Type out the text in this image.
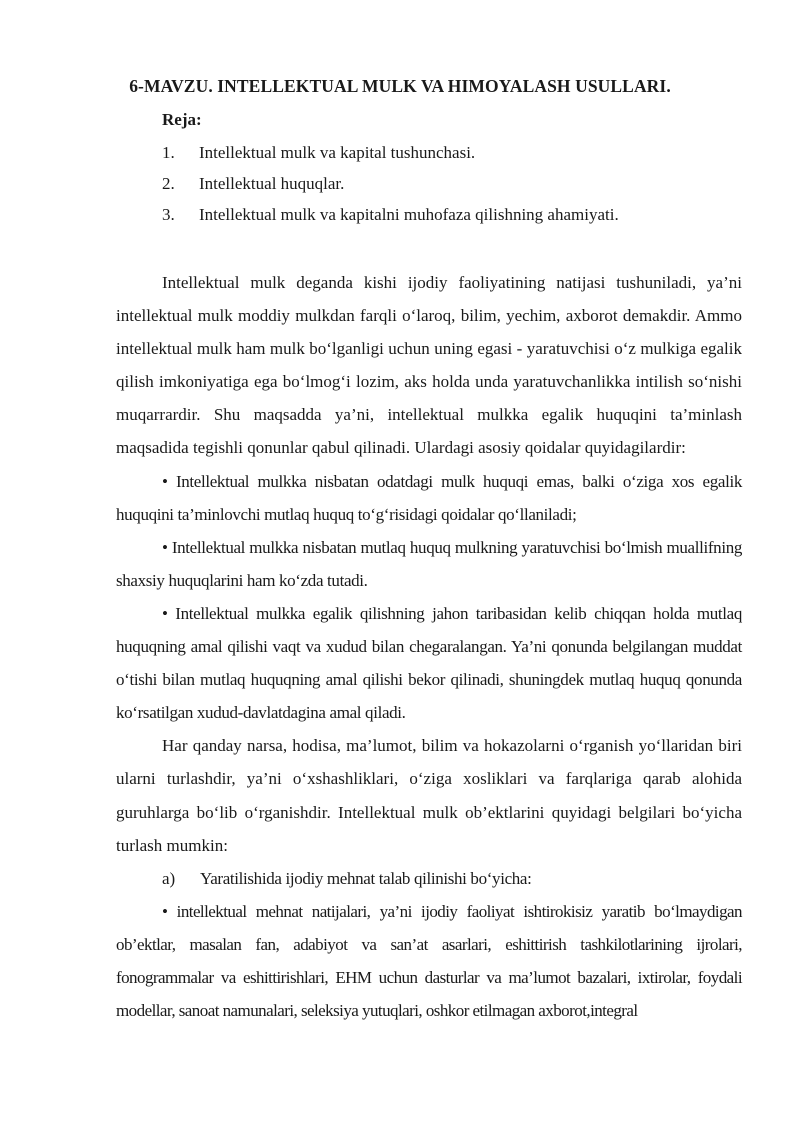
6-MAVZU. INTELLEKTUAL MULK VA HIMOYALASH USULLARI.

Reja:

1. Intellektual mulk va kapital tushunchasi.
2. Intellektual huquqlar.
3. Intellektual mulk va kapitalni muhofaza qilishning ahamiyati.

Intellektual mulk deganda kishi ijodiy faoliyatining natijasi tushuniladi, ya’ni intellektual mulk moddiy mulkdan farqli o‘laroq, bilim, yechim, axborot demakdir. Ammo intellektual mulk ham mulk bo‘lganligi uchun uning egasi - yaratuvchisi o‘z mulkiga egalik qilish imkoniyatiga ega bo‘lmog‘i lozim, aks holda unda yaratuvchanlikka intilish so‘nishi muqarrardir. Shu maqsadda ya’ni, intellektual mulkka egalik huquqini ta’minlash maqsadida tegishli qonunlar qabul qilinadi. Ulardagi asosiy qoidalar quyidagilardir:

• Intellektual mulkka nisbatan odatdagi mulk huquqi emas, balki o‘ziga xos egalik huquqini ta’minlovchi mutlaq huquq to‘g‘risidagi qoidalar qo‘llaniladi;

• Intellektual mulkka nisbatan mutlaq huquq mulkning yaratuvchisi bo‘lmish muallifning shaxsiy huquqlarini ham ko‘zda tutadi.

• Intellektual mulkka egalik qilishning jahon taribasidan kelib chiqqan holda mutlaq huquqning amal qilishi vaqt va xudud bilan chegaralangan. Ya’ni qonunda belgilangan muddat o‘tishi bilan mutlaq huquqning amal qilishi bekor qilinadi, shuningdek mutlaq huquq qonunda ko‘rsatilgan xudud-davlatdagina amal qiladi.

Har qanday narsa, hodisa, ma’lumot, bilim va hokazolarni o‘rganish yo‘llaridan biri ularni turlashdir, ya’ni o‘xshashliklari, o‘ziga xosliklari va farqlariga qarab alohida guruhlarga bo‘lib o‘rganishdir. Intellektual mulk ob’ektlarini quyidagi belgilari bo‘yicha turlash mumkin:

a) Yaratilishida ijodiy mehnat talab qilinishi bo‘yicha:

• intellektual mehnat natijalari, ya’ni ijodiy faoliyat ishtirokisiz yaratib bo‘lmaydigan ob’ektlar, masalan fan, adabiyot va san’at asarlari, eshittirish tashkilotlarining ijrolari, fonogrammalar va eshittirishlari, EHM uchun dasturlar va ma’lumot bazalari, ixtirolar, foydali modellar, sanoat namunalari, seleksiya yutuqlari, oshkor etilmagan axborot,integral
